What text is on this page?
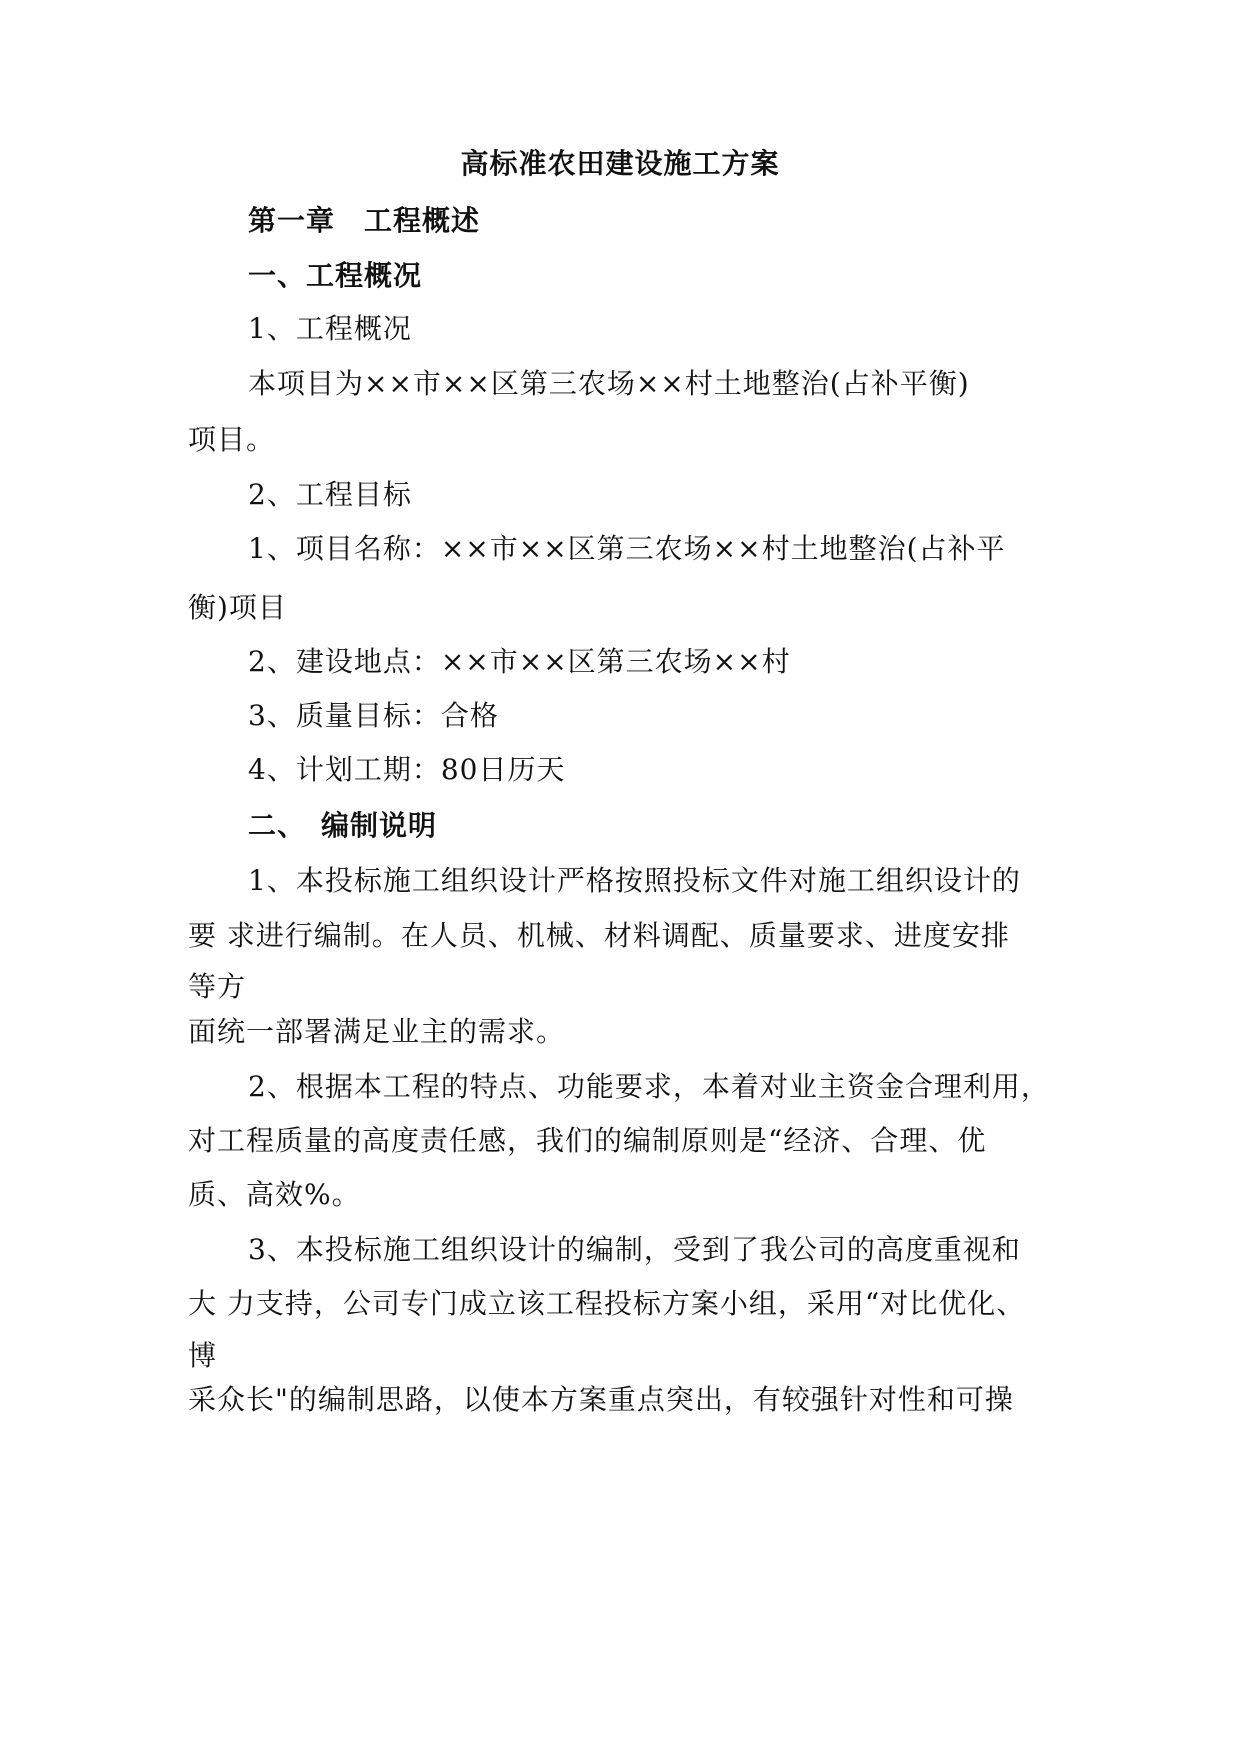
高标准农田建设施工方案
第一章　工程概述
一、工程概况
1、工程概况
本项目为××市××区第三农场××村土地整治(占补平衡)
项目。
2、工程目标
1、项目名称：××市××区第三农场××村土地整治(占补平
衡)项目
2、建设地点：××市××区第三农场××村
3、质量目标：合格
4、计划工期：80日历天
二、　编制说明
1、本投标施工组织设计严格按照投标文件对施工组织设计的
要 求进行编制。在人员、机械、材料调配、质量要求、进度安排
等方
面统一部署满足业主的需求。
2、根据本工程的特点、功能要求，本着对业主资金合理利用，
对工程质量的高度责任感，我们的编制原则是“经济、合理、优
质、高效%。
3、本投标施工组织设计的编制，受到了我公司的高度重视和
大 力支持，公司专门成立该工程投标方案小组，采用“对比优化、
博
采众长"的编制思路，以使本方案重点突出，有较强针对性和可操
